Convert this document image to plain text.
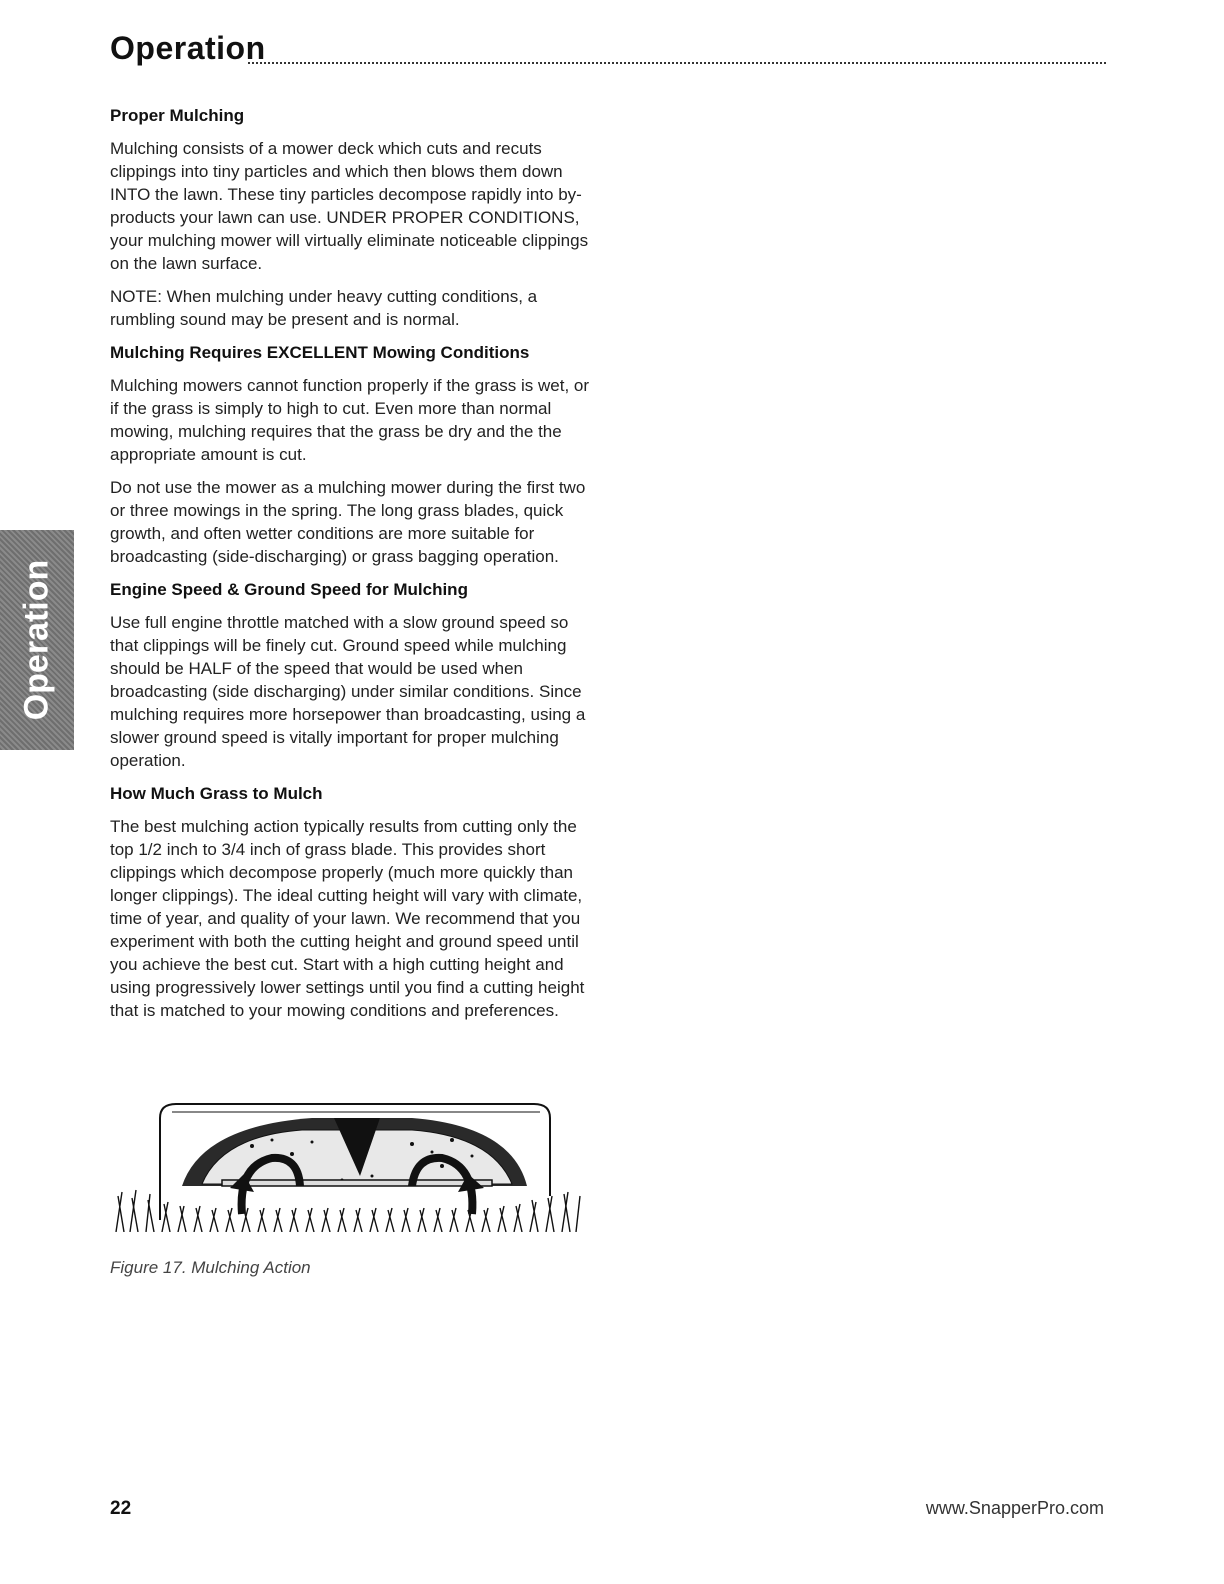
Operation
Operation
Proper Mulching

Mulching consists of a mower deck which cuts and recuts clippings into tiny particles and which then blows them down INTO the lawn. These tiny particles decompose rapidly into by-products your lawn can use. UNDER PROPER CONDITIONS, your mulching mower will virtually eliminate noticeable clippings on the lawn surface.

NOTE: When mulching under heavy cutting conditions, a rumbling sound may be present and is normal.

Mulching Requires EXCELLENT Mowing Conditions

Mulching mowers cannot function properly if the grass is wet, or if the grass is simply to high to cut. Even more than normal mowing, mulching requires that the grass be dry and the the appropriate amount is cut.

Do not use the mower as a mulching mower during the first two or three mowings in the spring. The long grass blades, quick growth, and often wetter conditions are more suitable for broadcasting (side-discharging) or grass bagging operation.

Engine Speed & Ground Speed for Mulching

Use full engine throttle matched with a slow ground speed so that clippings will be finely cut. Ground speed while mulching should be HALF of the speed that would be used when broadcasting (side discharging) under similar conditions. Since mulching requires more horsepower than broadcasting, using a slower ground speed is vitally important for proper mulching operation.

How Much Grass to Mulch

The best mulching action typically results from cutting only the top 1/2 inch to 3/4 inch of grass blade. This provides short clippings which decompose properly (much more quickly than longer clippings). The ideal cutting height will vary with climate, time of year, and quality of your lawn. We recommend that you experiment with both the cutting height and ground speed until you achieve the best cut. Start with a high cutting height and using progressively lower settings until you find a cutting height that is matched to your mowing conditions and preferences.

Figure 17. Mulching Action
22	www.SnapperPro.com
